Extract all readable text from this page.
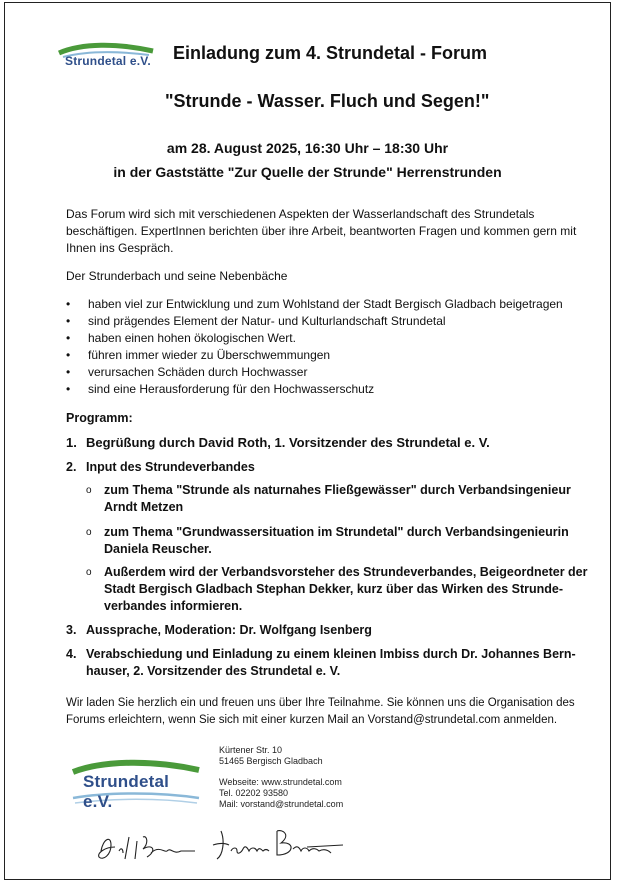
Strundetal e.V. Einladung zum 4. Strundetal - Forum
"Strunde - Wasser. Fluch und Segen!"
am 28. August 2025, 16:30 Uhr – 18:30 Uhr
in der Gaststätte "Zur Quelle der Strunde" Herrenstrunden
Das Forum wird sich mit verschiedenen Aspekten der Wasserlandschaft des Strundetals beschäftigen. ExpertInnen berichten über ihre Arbeit, beantworten Fragen und kommen gern mit Ihnen ins Gespräch.
Der Strunderbach und seine Nebenbäche
• haben viel zur Entwicklung und zum Wohlstand der Stadt Bergisch Gladbach beigetragen
• sind prägendes Element der Natur- und Kulturlandschaft Strundetal
• haben einen hohen ökologischen Wert.
• führen immer wieder zu Überschwemmungen
• verursachen Schäden durch Hochwasser
• sind eine Herausforderung für den Hochwasserschutz
Programm:
1. Begrüßung durch David Roth, 1. Vorsitzender des Strundetal e. V.
2. Input des Strundeverbandes
o zum Thema "Strunde als naturnahes Fließgewässer" durch Verbandsingenieur
Arndt Metzen
o zum Thema "Grundwassersituation im Strundetal" durch Verbandsingenieurin
Daniela Reuscher.
o Außerdem wird der Verbandsvorsteher des Strundeverbandes, Beigeordneter der
Stadt Bergisch Gladbach Stephan Dekker, kurz über das Wirken des Strunde-
verbandes informieren.
3. Aussprache, Moderation: Dr. Wolfgang Isenberg
4. Verabschiedung und Einladung zu einem kleinen Imbiss durch Dr. Johannes Bern-
hauser, 2. Vorsitzender des Strundetal e. V.
Wir laden Sie herzlich ein und freuen uns über Ihre Teilnahme. Sie können uns die Organisation des
Forums erleichtern, wenn Sie sich mit einer kurzen Mail an Vorstand@strundetal.com anmelden.
Strundetal e.V.
Kürtener Str. 10
51465 Bergisch Gladbach
Webseite: www.strundetal.com
Tel. 02202 93580
Mail: vorstand@strundetal.com
